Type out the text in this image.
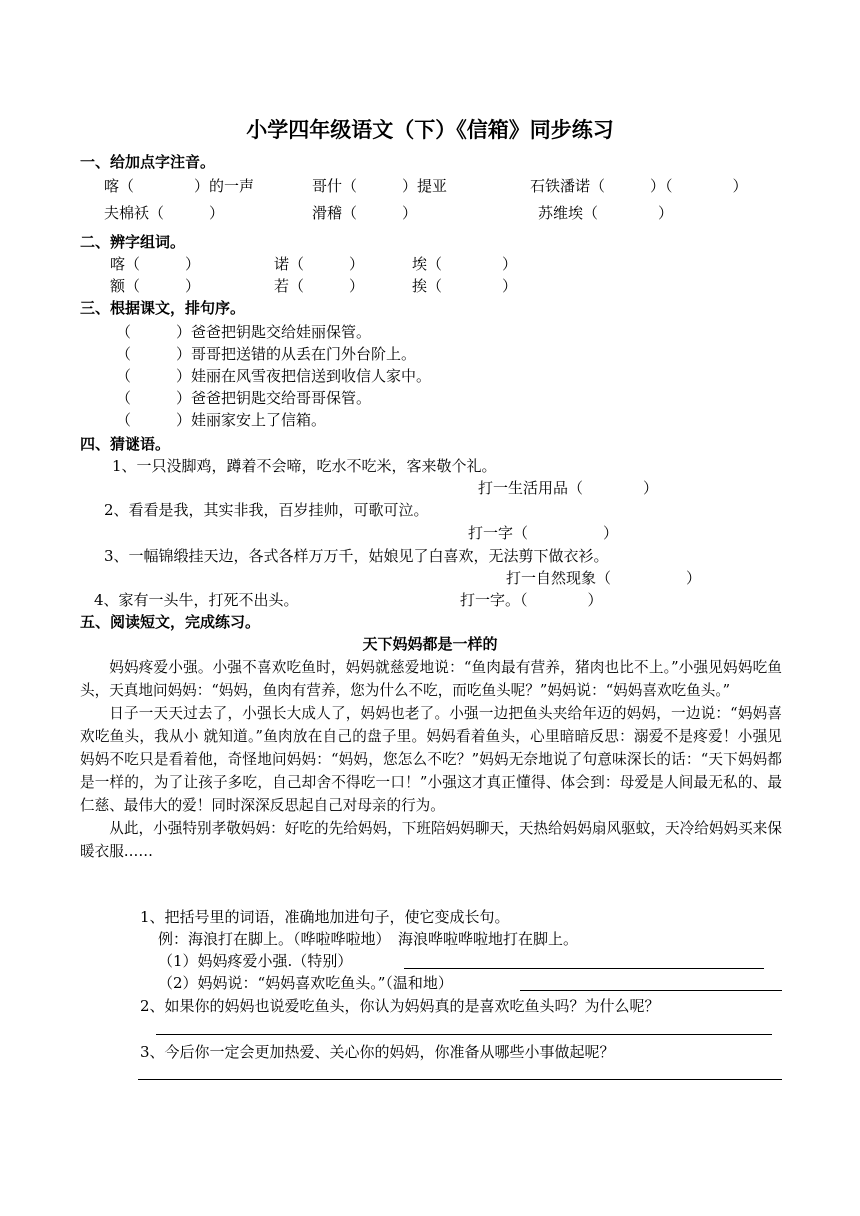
小学四年级语文（下）《信箱》同步练习
一、给加点字注音。
喀（　　　　）的一声	哥什（　　　）提亚	石铁潘诺（　　　）（　　　　）
夫棉袄（　　　）	滑稽（　　　）	苏维埃（　　　　）
二、辨字组词。
喀（　　　）	诺（　　　）	埃（　　　　）
额（　　　）	若（　　　）	挨（　　　　）
三、根据课文，排句序。
（　　　）爸爸把钥匙交给娃丽保管。
（　　　）哥哥把送错的从丢在门外台阶上。
（　　　）娃丽在风雪夜把信送到收信人家中。
（　　　）爸爸把钥匙交给哥哥保管。
（　　　）娃丽家安上了信箱。
四、猜谜语。
1、一只没脚鸡，蹲着不会啼，吃水不吃米，客来敬个礼。
打一生活用品（　　　　）
2、看看是我，其实非我，百岁挂帅，可歌可泣。
打一字（　　　　　）
3、一幅锦缎挂天边，各式各样万万千，姑娘见了白喜欢，无法剪下做衣衫。
打一自然现象（　　　　　）
4、家有一头牛，打死不出头。	打一字。（　　　　）
五、阅读短文，完成练习。
天下妈妈都是一样的

妈妈疼爱小强。小强不喜欢吃鱼时，妈妈就慈爱地说：“鱼肉最有营养，猪肉也比不上。”小强见妈妈吃鱼头，天真地问妈妈：“妈妈，鱼肉有营养，您为什么不吃，而吃鱼头呢？”妈妈说：“妈妈喜欢吃鱼头。”

日子一天天过去了，小强长大成人了，妈妈也老了。小强一边把鱼头夹给年迈的妈妈，一边说：“妈妈喜欢吃鱼头，我从小 就知道。”鱼肉放在自己的盘子里。妈妈看着鱼头，心里暗暗反思：溺爱不是疼爱！小强见妈妈不吃只是看着他，奇怪地问妈妈：“妈妈，您怎么不吃？”妈妈无奈地说了句意味深长的话：“天下妈妈都是一样的，为了让孩子多吃，自己却舍不得吃一口！”小强这才真正懂得、体会到：母爱是人间最无私的、最仁慈、最伟大的爱！同时深深反思起自己对母亲的行为。

从此，小强特别孝敬妈妈：好吃的先给妈妈，下班陪妈妈聊天，天热给妈妈扇风驱蚊，天冷给妈妈买来保暖衣服……

1、把括号里的词语，准确地加进句子，使它变成长句。
例：海浪打在脚上。（哗啦哗啦地）　海浪哗啦哗啦地打在脚上。
（1）妈妈疼爱小强.（特别）
（2）妈妈说：“妈妈喜欢吃鱼头。”（温和地）
2、如果你的妈妈也说爱吃鱼头，你认为妈妈真的是喜欢吃鱼头吗？为什么呢？
3、今后你一定会更加热爱、关心你的妈妈，你准备从哪些小事做起呢？
